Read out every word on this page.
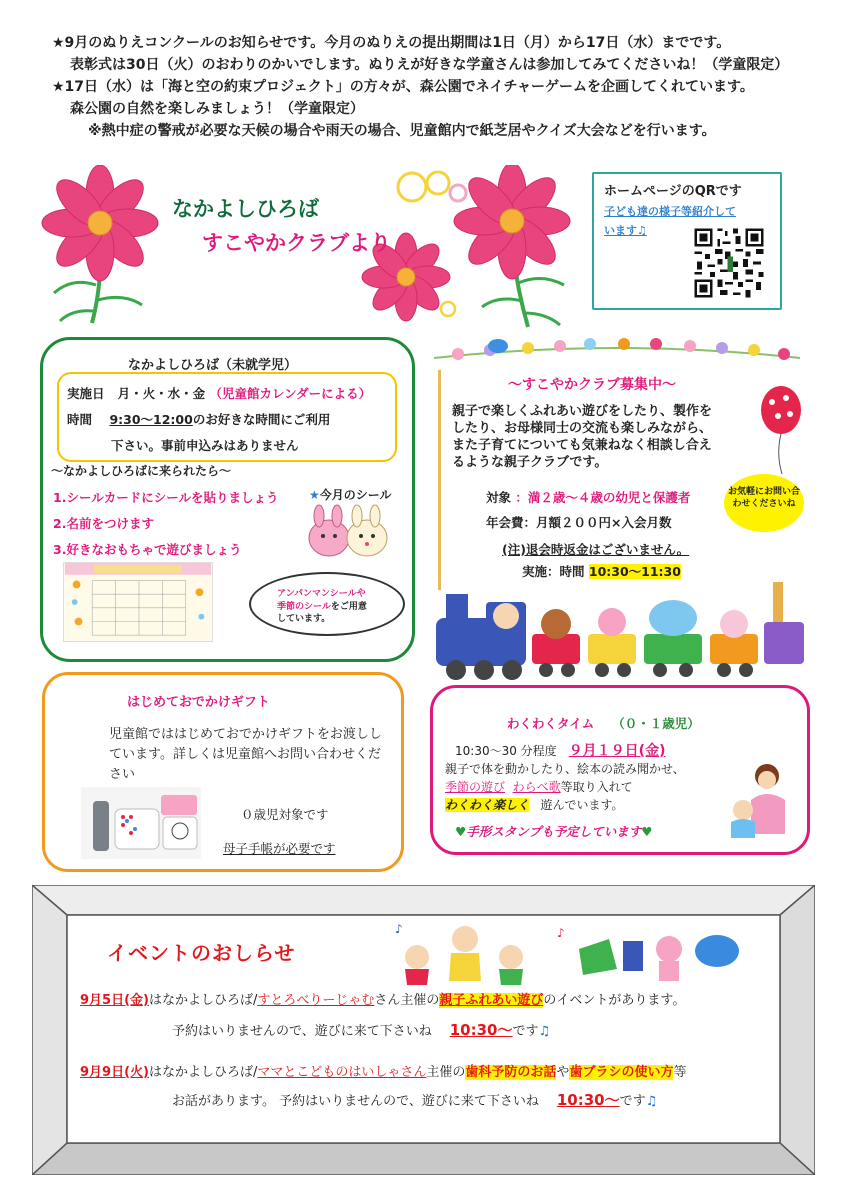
★9月のぬりえコンクールのお知らせです。今月のぬりえの提出期間は1日（月）から17日（水）までです。
表彰式は30日（火）のおわりのかいでします。ぬりえが好きな学童さんは参加してみてくださいね！（学童限定）
★17日（水）は「海と空の約束プロジェクト」の方々が、森公園でネイチャーゲームを企画してくれています。
森公園の自然を楽しみましょう！（学童限定）
※熱中症の警戒が必要な天候の場合や雨天の場合、児童館内で紙芝居やクイズ大会などを行います。
なかよしひろば
すこやかクラブより
ホームページのQRです
子ども達の様子等紹介して
います♫
なかよしひろば（未就学児）
実施日 月・火・水・金 （児童館カレンダーによる）
時間 9:30〜12:00のお好きな時間にご利用
下さい。事前申込みはありません
〜なかよしひろばに来られたら〜
1.シールカードにシールを貼りましょう
2.名前をつけます
3.好きなおもちゃで遊びましょう
★今月のシール
アンパンマンシールや
季節のシールをご用意
しています。
〜すこやかクラブ募集中〜
親子で楽しくふれあい遊びをしたり、製作をしたり、お母様同士の交流も楽しみながら、また子育てについても気兼ねなく相談し合えるような親子クラブです。
お気軽にお問い合わせくださいね
対象 ：満２歳〜４歳の幼児と保護者
年会費：月額２００円×入会月数
(注)退会時返金はございません。
実施：時間 10:30〜11:30
はじめておでかけギフト
児童館でははじめておでかけギフトをお渡ししています。詳しくは児童館へお問い合わせください
０歳児対象です
母子手帳が必要です
わくわくタイム （０・１歳児）
10:30〜30 分程度 ９月１９日(金)
親子で体を動かしたり、絵本の読み聞かせ、
季節の遊び わらべ歌等取り入れて
わくわく楽しく 遊んでいます。
♥手形スタンプも予定しています♥
イベントのおしらせ
♪	♪
9月5日(金)はなかよしひろば/すとろべりーじゃむさん主催の親子ふれあい遊びのイベントがあります。
予約はいりませんので、遊びに来て下さいね 10:30〜です♫
9月9日(火)はなかよしひろば/ママとこどものはいしゃさん主催の歯科予防のお話や歯ブラシの使い方等
お話があります。 予約はいりませんので、遊びに来て下さいね 10:30〜です♫
